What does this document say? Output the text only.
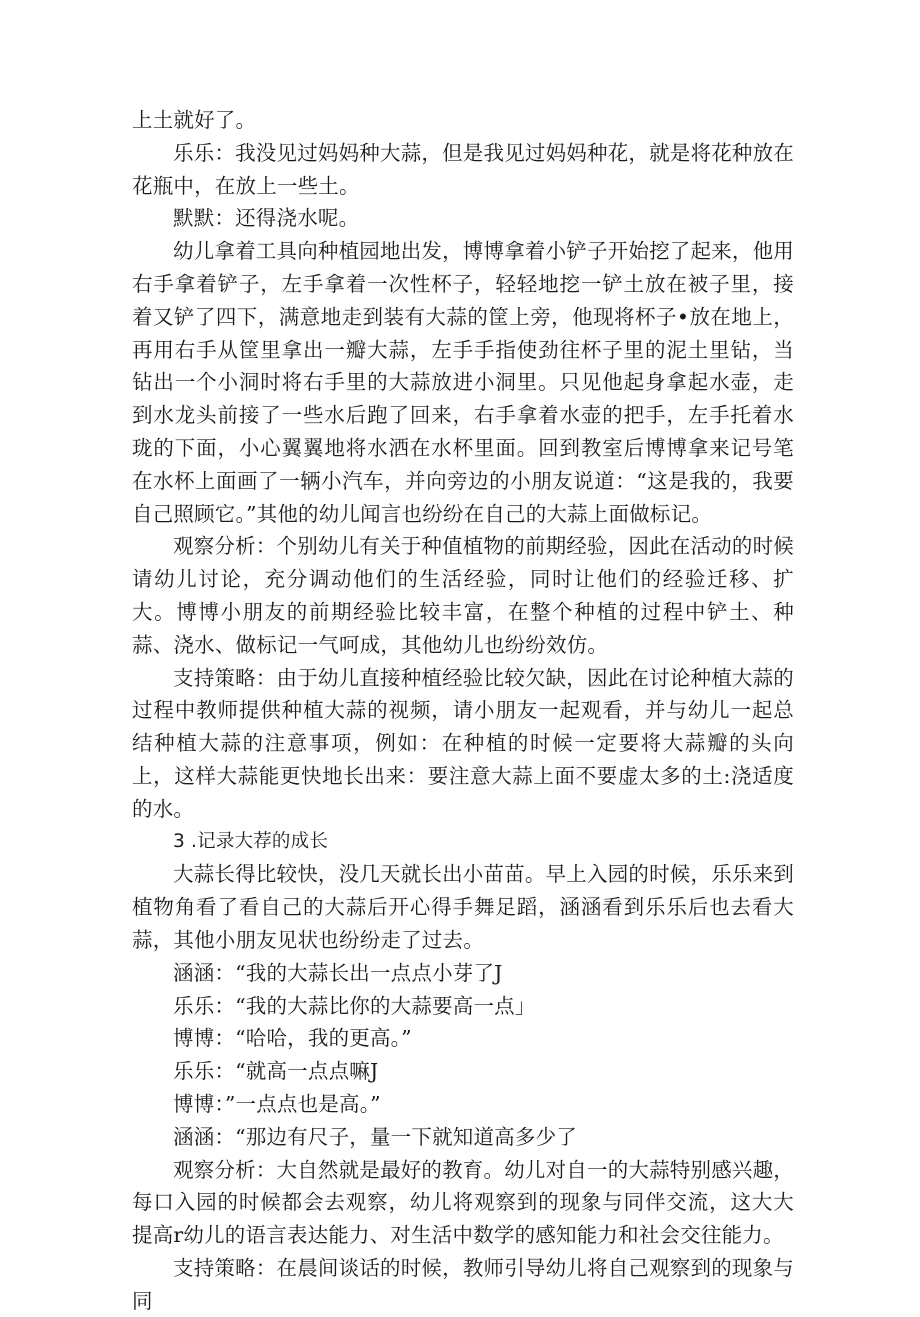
上土就好了。

乐乐：我没见过妈妈种大蒜，但是我见过妈妈种花，就是将花种放在花瓶中，在放上一些土。

默默：还得浇水呢。

幼儿拿着工具向种植园地出发，博博拿着小铲子开始挖了起来，他用右手拿着铲子，左手拿着一次性杯子，轻轻地挖一铲土放在被子里，接着又铲了四下，满意地走到装有大蒜的筐上旁，他现将杯子•放在地上，再用右手从筐里拿出一瓣大蒜，左手手指使劲往杯子里的泥土里钻，当钻出一个小洞时将右手里的大蒜放进小洞里。只见他起身拿起水壶，走到水龙头前接了一些水后跑了回来，右手拿着水壶的把手，左手托着水珑的下面，小心翼翼地将水洒在水杯里面。回到教室后博博拿来记号笔在水杯上面画了一辆小汽车，并向旁边的小朋友说道：“这是我的，我要自己照顾它。”其他的幼儿闻言也纷纷在自己的大蒜上面做标记。

观察分析：个别幼儿有关于种值植物的前期经验，因此在活动的时候请幼儿讨论，充分调动他们的生活经验，同时让他们的经验迁移、扩大。博博小朋友的前期经验比较丰富，在整个种植的过程中铲土、种蒜、浇水、做标记一气呵成，其他幼儿也纷纷效仿。

支持策略：由于幼儿直接种植经验比较欠缺，因此在讨论种植大蒜的过程中教师提供种植大蒜的视频，请小朋友一起观看，并与幼儿一起总结种植大蒜的注意事项，例如：在种植的时候一定要将大蒜瓣的头向上，这样大蒜能更快地长出来：要注意大蒜上面不要虚太多的土:浇适度的水。

3 .记录大荐的成长

大蒜长得比较快，没几天就长出小苗苗。早上入园的时候，乐乐来到植物角看了看自己的大蒜后开心得手舞足蹈，涵涵看到乐乐后也去看大蒜，其他小朋友见状也纷纷走了过去。

涵涵：“我的大蒜长出一点点小芽了J

乐乐：“我的大蒜比你的大蒜要高一点」

博博：“哈哈，我的更高。”

乐乐：“就高一点点嘛J

博博：”一点点也是高。”

涵涵：“那边有尺子，量一下就知道高多少了

观察分析：大自然就是最好的教育。幼儿对自一的大蒜特别感兴趣，每口入园的时候都会去观察，幼儿将观察到的现象与同伴交流，这大大提高r幼儿的语言表达能力、对生活中数学的感知能力和社会交往能力。

支持策略：在晨间谈话的时候，教师引导幼儿将自己观察到的现象与同
